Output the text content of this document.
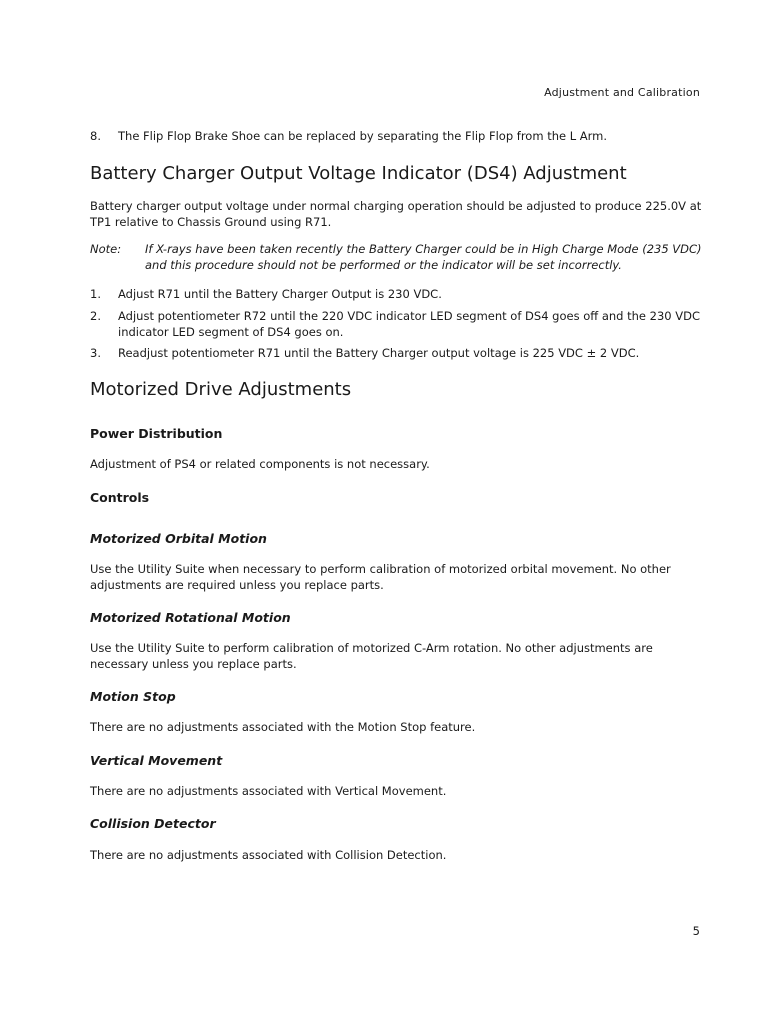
Adjustment and Calibration
8. The Flip Flop Brake Shoe can be replaced by separating the Flip Flop from the L Arm.
Battery Charger Output Voltage Indicator (DS4) Adjustment

Battery charger output voltage under normal charging operation should be adjusted to produce 225.0V at TP1 relative to Chassis Ground using R71.

Note: If X-rays have been taken recently the Battery Charger could be in High Charge Mode (235 VDC) and this procedure should not be performed or the indicator will be set incorrectly.
1. Adjust R71 until the Battery Charger Output is 230 VDC.
2. Adjust potentiometer R72 until the 220 VDC indicator LED segment of DS4 goes off and the 230 VDC indicator LED segment of DS4 goes on.
3. Readjust potentiometer R71 until the Battery Charger output voltage is 225 VDC ± 2 VDC.
Motorized Drive Adjustments
Power Distribution

Adjustment of PS4 or related components is not necessary.

Controls
Motorized Orbital Motion

Use the Utility Suite when necessary to perform calibration of motorized orbital movement. No other adjustments are required unless you replace parts.

Motorized Rotational Motion

Use the Utility Suite to perform calibration of motorized C-Arm rotation. No other adjustments are necessary unless you replace parts.

Motion Stop

There are no adjustments associated with the Motion Stop feature.

Vertical Movement

There are no adjustments associated with Vertical Movement.

Collision Detector

There are no adjustments associated with Collision Detection.

5
